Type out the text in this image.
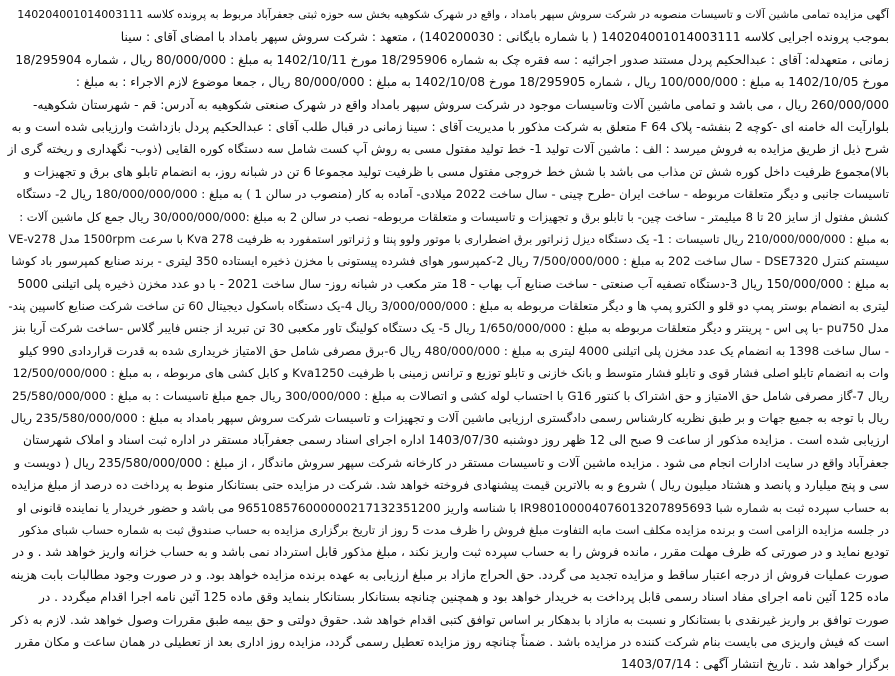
آگهی مزایده تمامی ماشین آلات و تاسیسات منصوبه در شرکت سروش سپهر بامداد ، واقع در شهرک شکوهیه بخش سه حوزه ثبتی جعفرآباد مربوط به پرونده کلاسه 140204001014003111
بموجب پرونده اجرایی کلاسه 140204001014003111 ( با شماره بایگانی : 140200030) ، متعهد : شرکت سروش سپهر بامداد با امضای آقای : سینا
زمانی ، متعهدله: آقای : عبدالحکیم پردل مستند صدور اجرائیه : سه فقره چک به شماره 18/295906 مورخ 1402/10/11 به مبلغ : 80/000/000 ریال ، شماره 18/295904
مورخ 1402/10/05 به مبلغ : 100/000/000 ریال ، شماره 18/295905 مورخ 1402/10/08 به مبلغ : 80/000/000 ریال ، جمعا موضوع لازم الاجراء : به مبلغ :
260/000/000 ریال ، می باشد و تمامی ماشین آلات وتاسیسات موجود در شرکت سروش سپهر بامداد واقع در شهرک صنعتی شکوهیه به آدرس: قم - شهرستان شکوهیه-
بلوارآیت اله خامنه ای -کوچه 2 بنفشه- پلاک F 64 متعلق به شرکت مذکور با مدیریت آقای : سینا زمانی در قبال طلب آقای : عبدالحکیم پردل بازداشت وارزیابی شده است و به
شرح ذیل از طریق مزایده به فروش میرسد : الف : ماشین آلات تولید 1- خط تولید مفتول مسی به روش آپ کست شامل سه دستگاه کوره القایی (ذوب- نگهداری و ریخته گری از
بالا)مجموع ظرفیت داخل کوره شش تن مذاب می باشد با شش خط خروجی مفتول مسی با ظرفیت تولید مجموعا 6 تن در شبانه روز، به انضمام تابلو های برق و تجهیزات و
تاسیسات جانبی و دیگر متعلقات مربوطه - ساخت ایران -طرح چینی - سال ساخت 2022 میلادی- آماده به کار (منصوب در سالن 1 ) به مبلغ : 180/000/000/000 ریال 2- دستگاه
کشش مفتول از سایز 20 تا 8 میلیمتر - ساخت چین- با تابلو برق و تجهیزات و تاسیسات و متعلقات مربوطه- نصب در سالن 2 به مبلغ :30/000/000/000 ریال جمع کل ماشین آلات :
به مبلغ : 210/000/000/000 ریال تاسیسات : 1- یک دستگاه دیزل ژنراتور برق اضطراری با موتور ولوو پنتا و ژنراتور استمفورد به ظرفیت Kva 278 با سرعت 1500rpm مدل VE-v278
سیستم کنترل DSE7320 - سال ساخت 202 به مبلغ : 7/500/000/000 ریال 2-کمپرسور هوای فشرده پیستونی با مخزن ذخیره ایستاده 350 لیتری - برند صنایع کمپرسور باد کوشا
به مبلغ : 150/000/000 ریال 3-دستگاه تصفیه آب صنعتی - ساخت صنایع آب بهاب - 18 متر مکعب در شبانه روز- سال ساخت 2021 - با دو عدد مخزن ذخیره پلی اتیلنی 5000
لیتری به انضمام بوستر پمپ دو قلو و الکترو پمپ ها و دیگر متعلقات مربوطه به مبلغ : 3/000/000/000 ریال 4-یک دستگاه باسکول دیجیتال 60 تن ساخت شرکت صنایع کاسپین پند-
مدل pu750 -با پی اس - پرینتر و دیگر متعلقات مربوطه به مبلغ : 1/650/000/000 ریال 5- یک دستگاه کولینگ تاور مکعبی 30 تن تبرید از جنس فایبر گلاس -ساخت شرکت آریا بنز
- سال ساخت 1398 به انضمام یک عدد مخزن پلی اتیلنی 4000 لیتری به مبلغ : 480/000/000 ریال 6-برق مصرفی شامل حق الامتیاز خریداری شده به قدرت قراردادی 990 کیلو
وات به انضمام تابلو اصلی فشار قوی و تابلو فشار متوسط و بانک خازنی و تابلو توزیع و ترانس زمینی با ظرفیت Kva1250 و کابل کشی های مربوطه ، به مبلغ : 12/500/000/000
ریال 7-گاز مصرفی شامل حق الامتیاز و حق اشتراک با کنتور G16 با احتساب لوله کشی و اتصالات به مبلغ : 300/000/000 ریال جمع مبلغ تاسیسات : به مبلغ : 25/580/000/000
ریال با توجه به جمیع جهات و بر طبق نظریه کارشناس رسمی دادگستری ارزیابی ماشین آلات و تجهیزات و تاسیسات شرکت سروش سپهر بامداد به مبلغ : 235/580/000/000 ریال
ارزیابی شده است . مزایده مذکور از ساعت 9 صبح الی 12 ظهر روز دوشنبه 1403/07/30 اداره اجرای اسناد رسمی جعفرآباد مستقر در اداره ثبت اسناد و املاک شهرستان
جعفرآباد واقع در سایت ادارات انجام می شود . مزایده ماشین آلات و تاسیسات مستقر در کارخانه شرکت سپهر سروش ماندگار ، از مبلغ : 235/580/000/000 ریال ( دویست و
سی و پنج میلیارد و پانصد و هشتاد میلیون ریال ) شروع و به بالاترین قیمت پیشنهادی فروخته خواهد شد. شرکت در مزایده حتی بستانکار منوط به پرداخت ده درصد از مبلغ مزایده
به حساب سپرده ثبت به شماره شبا IR980100004076013207895693 با شناسه واریز 965108576000000217132351200 می باشد و حضور خریدار یا نماینده قانونی او
در جلسه مزایده الزامی است و برنده مزایده مکلف است مابه التفاوت مبلغ فروش را ظرف مدت 5 روز از تاریخ برگزاری مزایده به حساب صندوق ثبت به شماره حساب شبای مذکور
تودیع نماید و در صورتی که ظرف مهلت مقرر ، مانده فروش را به حساب سپرده ثبت واریز نکند ، مبلغ مذکور قابل استرداد نمی باشد و به حساب خزانه واریز خواهد شد . و در
صورت عملیات فروش از درجه اعتبار ساقط و مزایده تجدید می گردد. حق الحراج مازاد بر مبلغ ارزیابی به عهده برنده مزایده خواهد بود. و در صورت وجود مطالبات بابت هزینه
ماده 125 آئین نامه اجرای مفاد اسناد رسمی قابل پرداخت به خریدار خواهد بود و همچنین چنانچه بستانکار بستانکار بنماید وقق ماده 125 آئین نامه اجرا اقدام میگردد . در
صورت توافق بر واریز غیرنقدی با بستانکار و نسبت به مازاد با بدهکار بر اساس توافق کتبی اقدام خواهد شد. حقوق دولتی و حق بیمه طبق مقررات وصول خواهد شد. لازم به ذکر
است که فیش واریزی می بایست بنام شرکت کننده در مزایده باشد . ضمناً چنانچه روز مزایده تعطیل رسمی گردد، مزایده روز اداری بعد از تعطیلی در همان ساعت و مکان مقرر
برگزار خواهد شد . تاریخ انتشار آگهی : 1403/07/14
